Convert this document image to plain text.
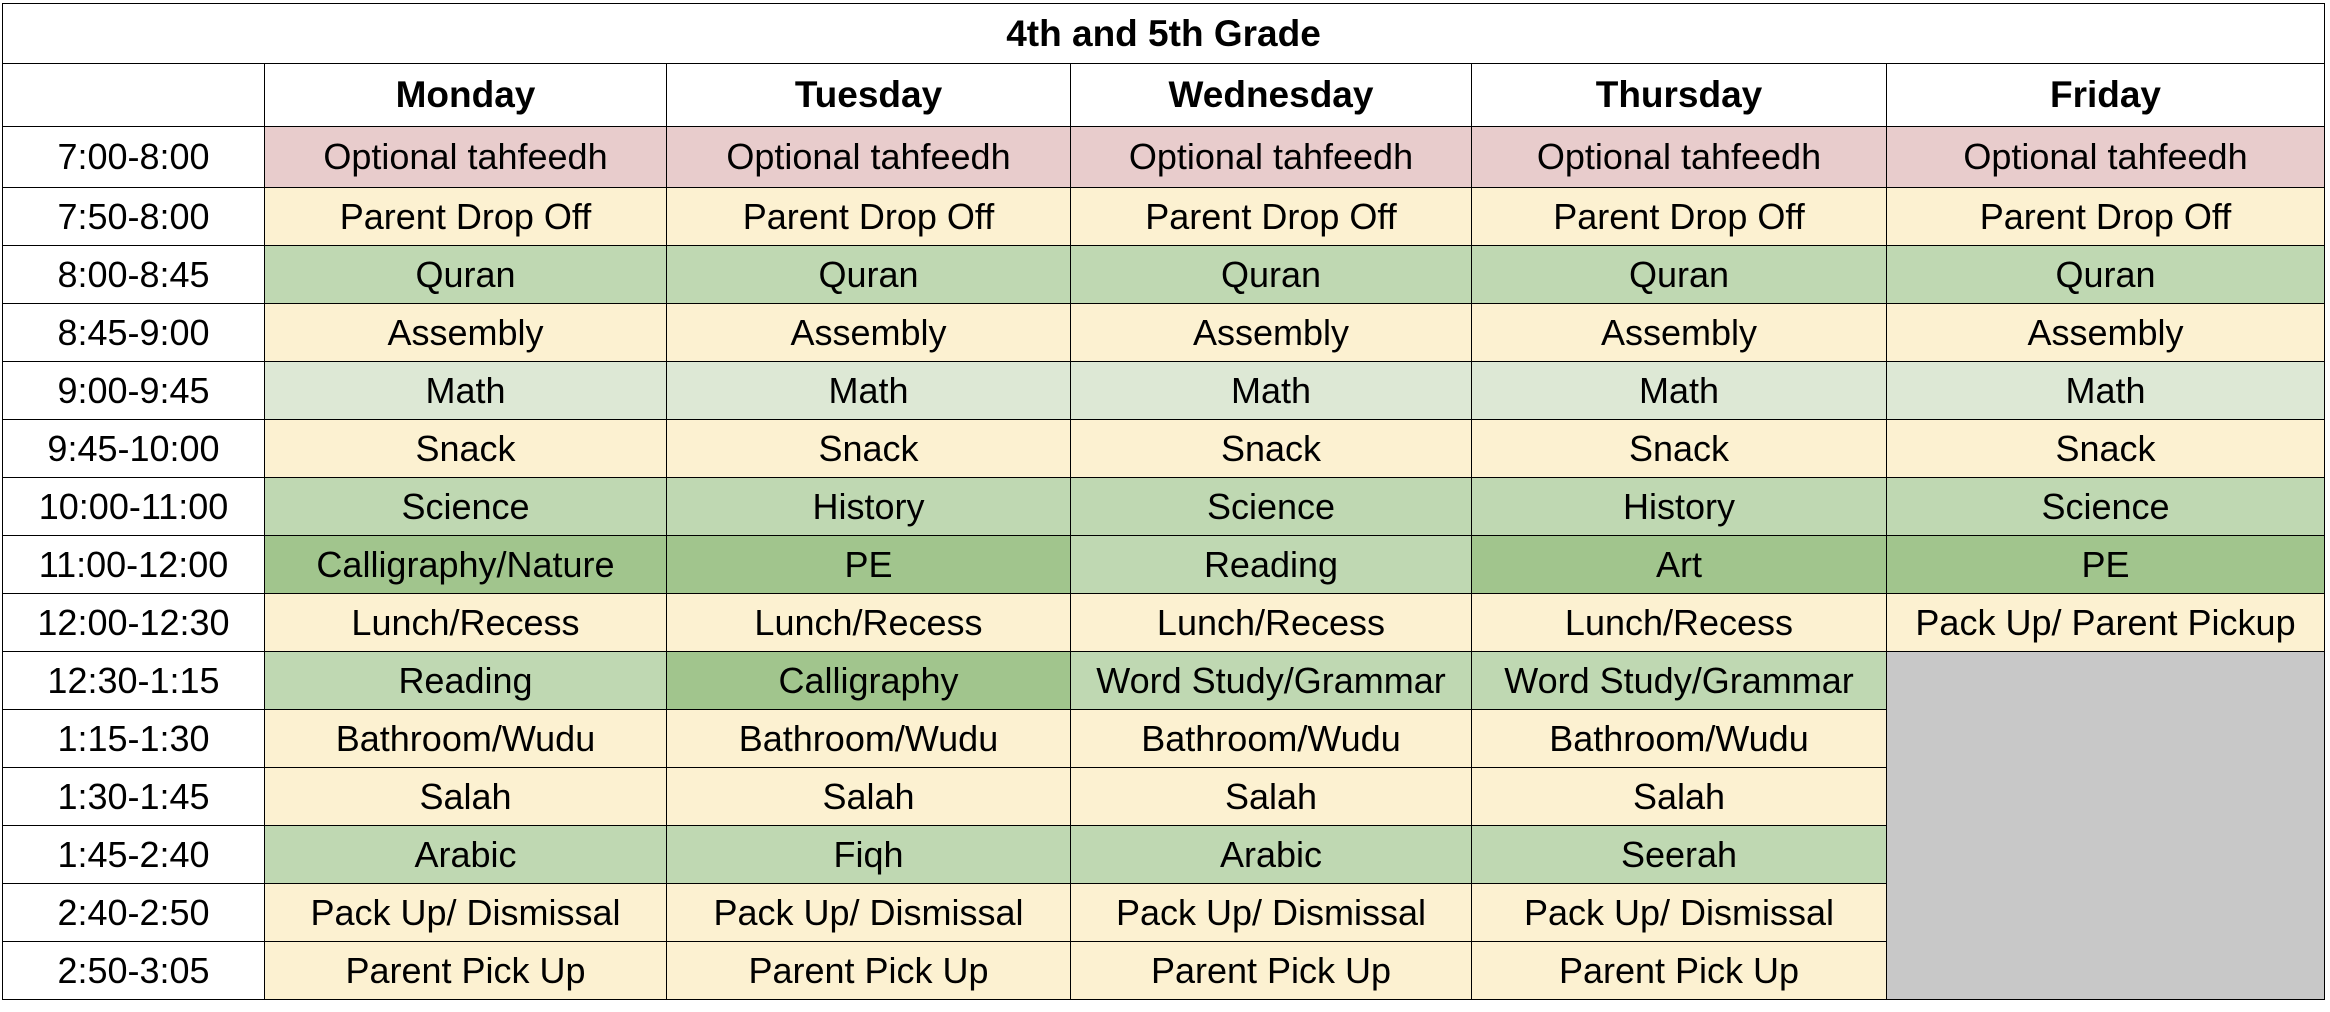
4th and 5th Grade					
	Monday	Tuesday	Wednesday	Thursday	Friday
7:00-8:00	Optional tahfeedh	Optional tahfeedh	Optional tahfeedh	Optional tahfeedh	Optional tahfeedh
7:50-8:00	Parent Drop Off	Parent Drop Off	Parent Drop Off	Parent Drop Off	Parent Drop Off
8:00-8:45	Quran	Quran	Quran	Quran	Quran
8:45-9:00	Assembly	Assembly	Assembly	Assembly	Assembly
9:00-9:45	Math	Math	Math	Math	Math
9:45-10:00	Snack	Snack	Snack	Snack	Snack
10:00-11:00	Science	History	Science	History	Science
11:00-12:00	Calligraphy/Nature	PE	Reading	Art	PE
12:00-12:30	Lunch/Recess	Lunch/Recess	Lunch/Recess	Lunch/Recess	Pack Up/ Parent Pickup
12:30-1:15	Reading	Calligraphy	Word Study/Grammar	Word Study/Grammar	
1:15-1:30	Bathroom/Wudu	Bathroom/Wudu	Bathroom/Wudu	Bathroom/Wudu	
1:30-1:45	Salah	Salah	Salah	Salah	
1:45-2:40	Arabic	Fiqh	Arabic	Seerah	
2:40-2:50	Pack Up/ Dismissal	Pack Up/ Dismissal	Pack Up/ Dismissal	Pack Up/ Dismissal	
2:50-3:05	Parent Pick Up	Parent Pick Up	Parent Pick Up	Parent Pick Up	
